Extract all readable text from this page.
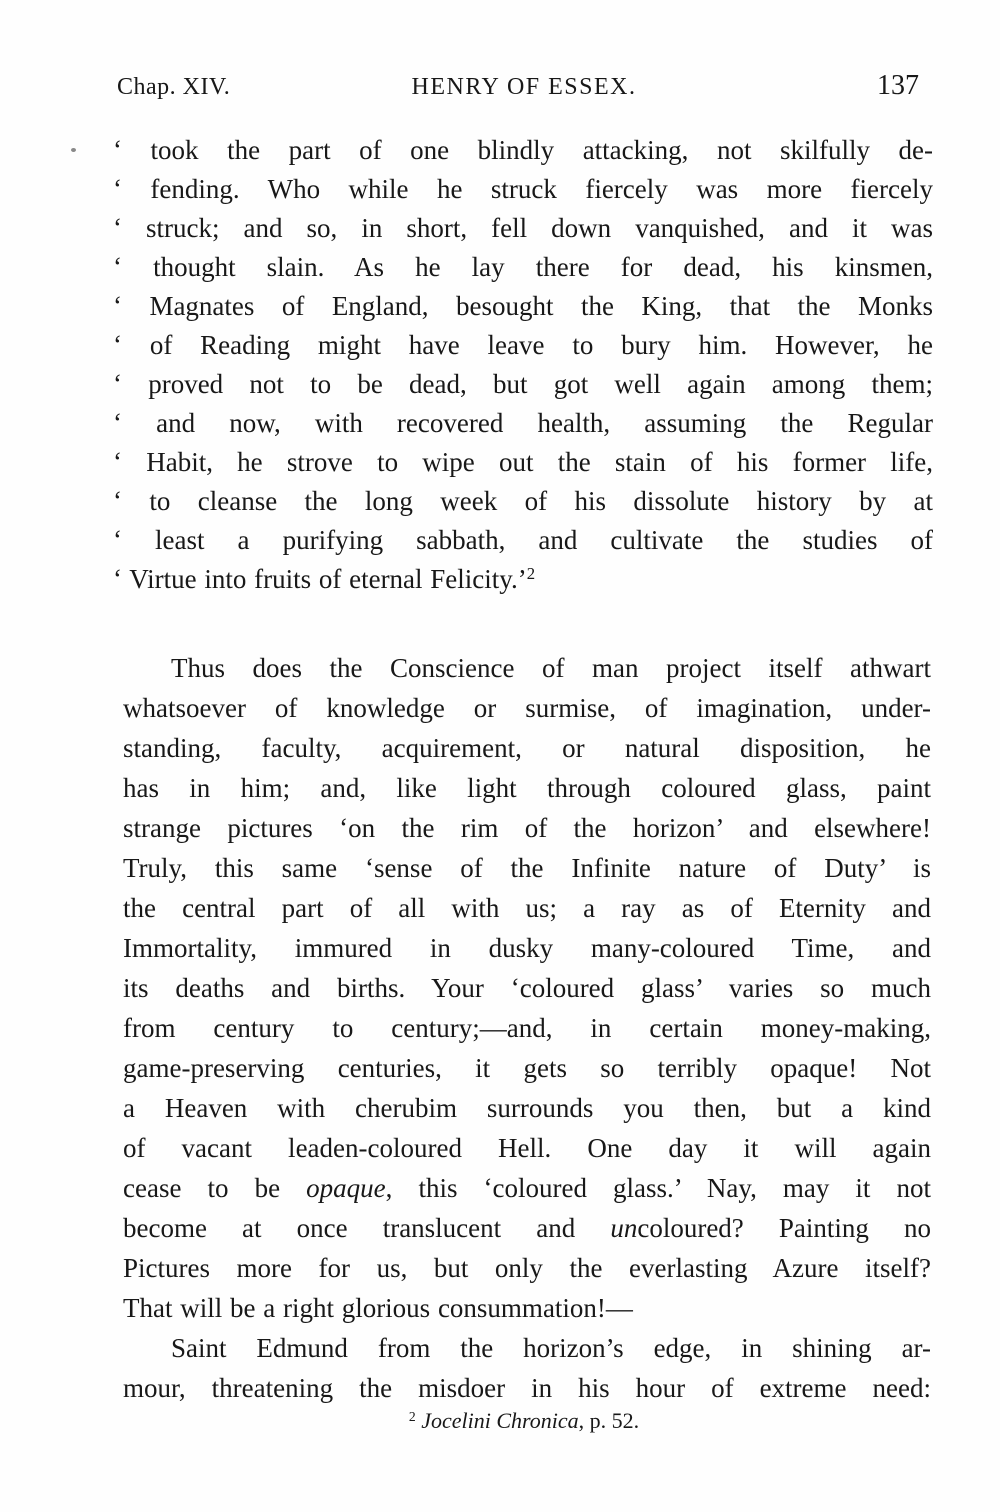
Chap. XIV.	HENRY OF ESSEX.	137
‘ took the part of one blindly attacking, not skilfully de-
‘ fending. Who while he struck fiercely was more fiercely
‘ struck; and so, in short, fell down vanquished, and it was
‘ thought slain. As he lay there for dead, his kinsmen,
‘ Magnates of England, besought the King, that the Monks
‘ of Reading might have leave to bury him. However, he
‘ proved not to be dead, but got well again among them;
‘ and now, with recovered health, assuming the Regular
‘ Habit, he strove to wipe out the stain of his former life,
‘ to cleanse the long week of his dissolute history by at
‘ least a purifying sabbath, and cultivate the studies of
‘ Virtue into fruits of eternal Felicity.’$^2$
Thus does the Conscience of man project itself athwart
whatsoever of knowledge or surmise, of imagination, under-
standing, faculty, acquirement, or natural disposition, he
has in him; and, like light through coloured glass, paint
strange pictures ‘on the rim of the horizon’ and elsewhere!
Truly, this same ‘sense of the Infinite nature of Duty’ is
the central part of all with us; a ray as of Eternity and
Immortality, immured in dusky many-coloured Time, and
its deaths and births. Your ‘coloured glass’ varies so much
from century to century;—and, in certain money-making,
game-preserving centuries, it gets so terribly opaque! Not
a Heaven with cherubim surrounds you then, but a kind
of vacant leaden-coloured Hell. One day it will again
cease to be opaque, this ‘coloured glass.’ Nay, may it not
become at once translucent and uncoloured? Painting no
Pictures more for us, but only the everlasting Azure itself?
That will be a right glorious consummation!—
Saint Edmund from the horizon’s edge, in shining ar-
mour, threatening the misdoer in his hour of extreme need:
$^2$ Jocelini Chronica, p. 52.
